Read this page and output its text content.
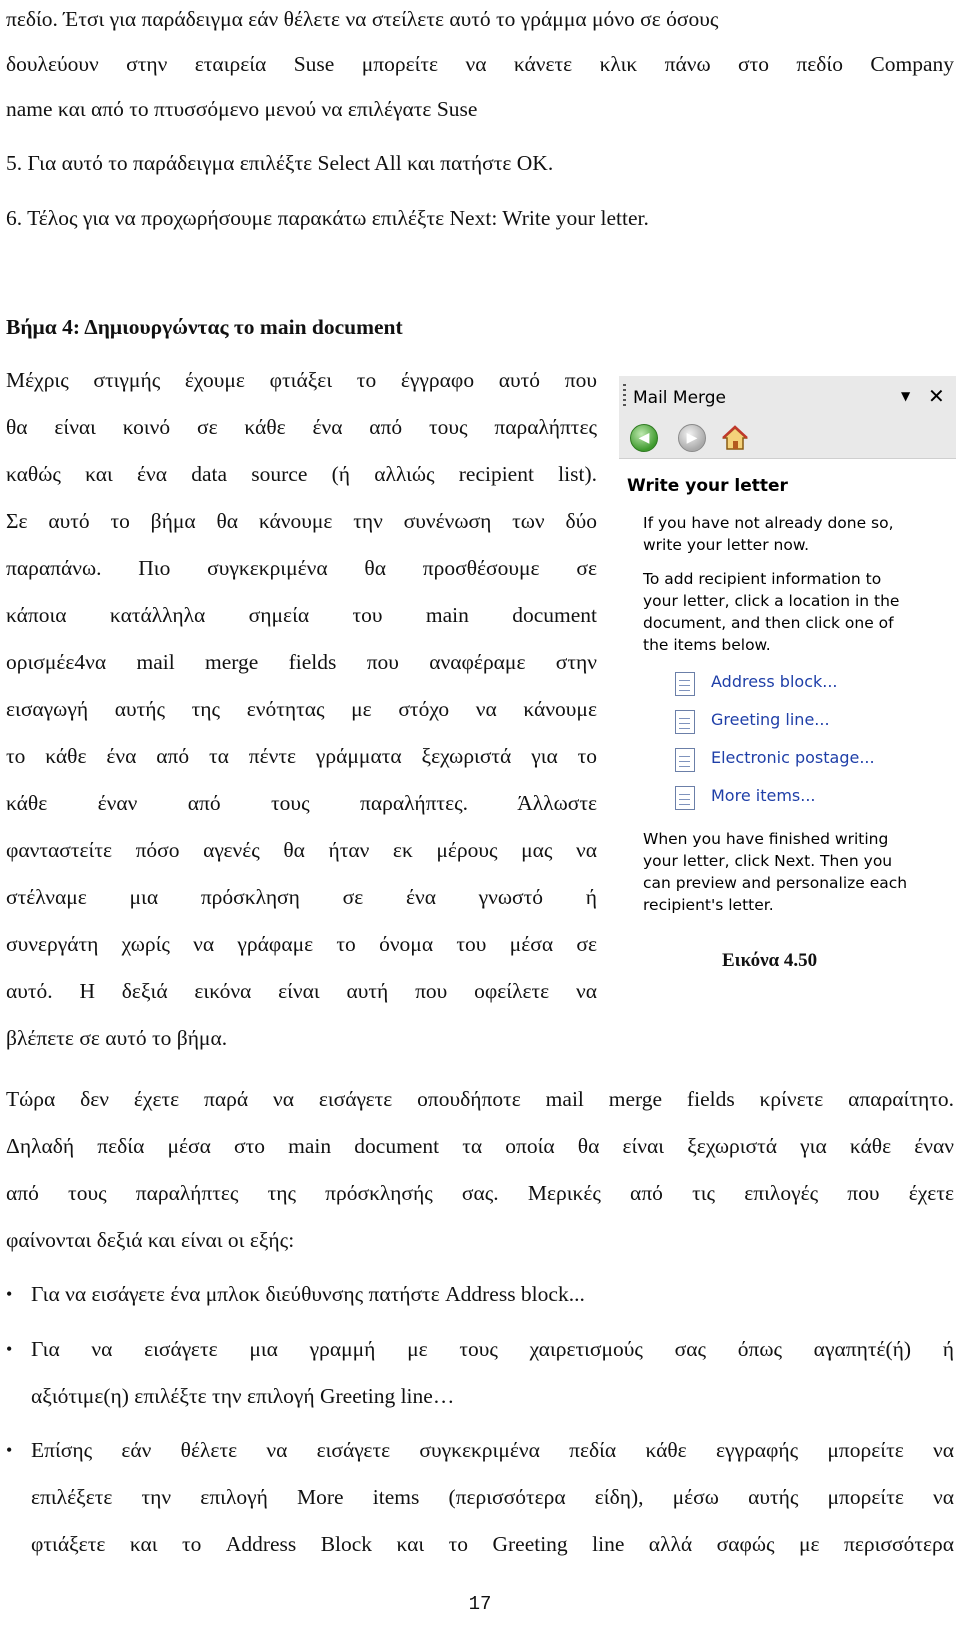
πεδίο. Έτσι για παράδειγμα εάν θέλετε να στείλετε αυτό το γράμμα μόνο σε όσους
δουλεύουν στην εταιρεία Suse μπορείτε να κάνετε κλικ πάνω στο πεδίο Company
name και από το πτυσσόμενο μενού να επιλέγατε Suse
5. Για αυτό το παράδειγμα επιλέξτε Select All και πατήστε OK.
6. Τέλος για να προχωρήσουμε παρακάτω επιλέξτε Next: Write your letter.
Βήμα 4: Δημιουργώντας το main document
Μέχρις στιγμής έχουμε φτιάξει το έγγραφο αυτό που
θα είναι κοινό σε κάθε ένα από τους παραλήπτες
καθώς και ένα data source (ή αλλιώς recipient list).
Σε αυτό το βήμα θα κάνουμε την συνένωση των δύο
παραπάνω. Πιο συγκεκριμένα θα προσθέσουμε σε
κάποια κατάλληλα σημεία του main document
ορισμέε4να mail merge fields που αναφέραμε στην
εισαγωγή αυτής της ενότητας με στόχο να κάνουμε
το κάθε ένα από τα πέντε γράμματα ξεχωριστά για το
κάθε έναν από τους παραλήπτες. Άλλωστε
φανταστείτε πόσο αγενές θα ήταν εκ μέρους μας να
στέλναμε μια πρόσκληση σε ένα γνωστό ή
συνεργάτη χωρίς να γράφαμε το όνομα του μέσα σε
αυτό. Η δεξιά εικόνα είναι αυτή που οφείλετε να
βλέπετε σε αυτό το βήμα.
Mail Merge	▼ ✕
◀	▶
Write your letter
If you have not already done so,
write your letter now.
To add recipient information to
your letter, click a location in the
document, and then click one of
the items below.
Address block...
Greeting line...
Electronic postage...
More items...
When you have finished writing
your letter, click Next. Then you
can preview and personalize each
recipient's letter.
Εικόνα 4.50
Τώρα δεν έχετε παρά να εισάγετε οπουδήποτε mail merge fields κρίνετε απαραίτητο.
Δηλαδή πεδία μέσα στο main document τα οποία θα είναι ξεχωριστά για κάθε έναν
από τους παραλήπτες της πρόσκλησής σας. Μερικές από τις επιλογές που έχετε
φαίνονται δεξιά και είναι οι εξής:
• Για να εισάγετε ένα μπλοκ διεύθυνσης πατήστε Address block...
• Για να εισάγετε μια γραμμή με τους χαιρετισμούς σας όπως αγαπητέ(ή) ή
αξιότιμε(η) επιλέξτε την επιλογή Greeting line…
• Επίσης εάν θέλετε να εισάγετε συγκεκριμένα πεδία κάθε εγγραφής μπορείτε να
επιλέξετε την επιλογή More items (περισσότερα είδη), μέσω αυτής μπορείτε να
φτιάξετε και το Address Block και το Greeting line αλλά σαφώς με περισσότερα
17
